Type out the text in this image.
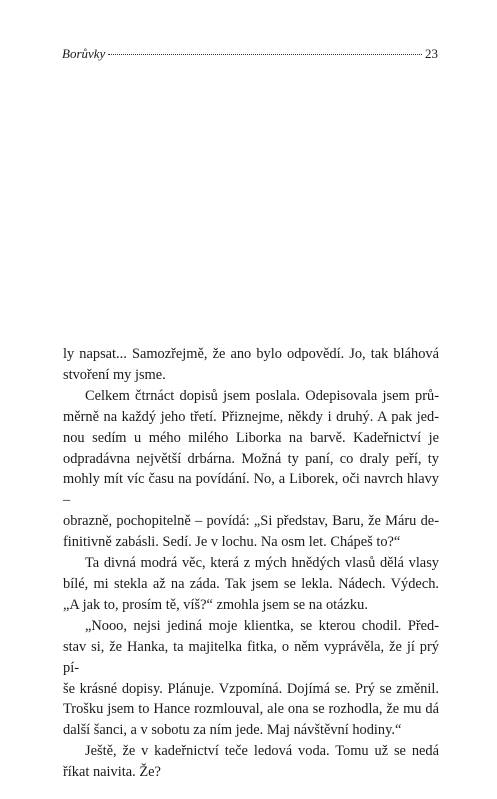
Borůvky	23

ly napsat... Samozřejmě, že ano bylo odpovědí. Jo, tak bláhová

stvoření my jsme.

Celkem čtrnáct dopisů jsem poslala. Odepisovala jsem prů-

měrně na každý jeho třetí. Přiznejme, někdy i druhý. A pak jed-

nou sedím u mého milého Liborka na barvě. Kadeřnictví je

odpradávna největší drbárna. Možná ty paní, co draly peří, ty

mohly mít víc času na povídání. No, a Liborek, oči navrch hlavy –

obrazně, pochopitelně – povídá: „Si představ, Baru, že Máru de-

finitivně zabásli. Sedí. Je v lochu. Na osm let. Chápeš to?“

Ta divná modrá věc, která z mých hnědých vlasů dělá vlasy

bílé, mi stekla až na záda. Tak jsem se lekla. Nádech. Výdech.

„A jak to, prosím tě, víš?“ zmohla jsem se na otázku.

„Nooo, nejsi jediná moje klientka, se kterou chodil. Před-

stav si, že Hanka, ta majitelka fitka, o něm vyprávěla, že jí prý pí-

še krásné dopisy. Plánuje. Vzpomíná. Dojímá se. Prý se změnil.

Trošku jsem to Hance rozmlouval, ale ona se rozhodla, že mu dá

další šanci, a v sobotu za ním jede. Maj návštěvní hodiny.“

Ještě, že v kadeřnictví teče ledová voda. Tomu už se nedá

říkat naivita. Že?
